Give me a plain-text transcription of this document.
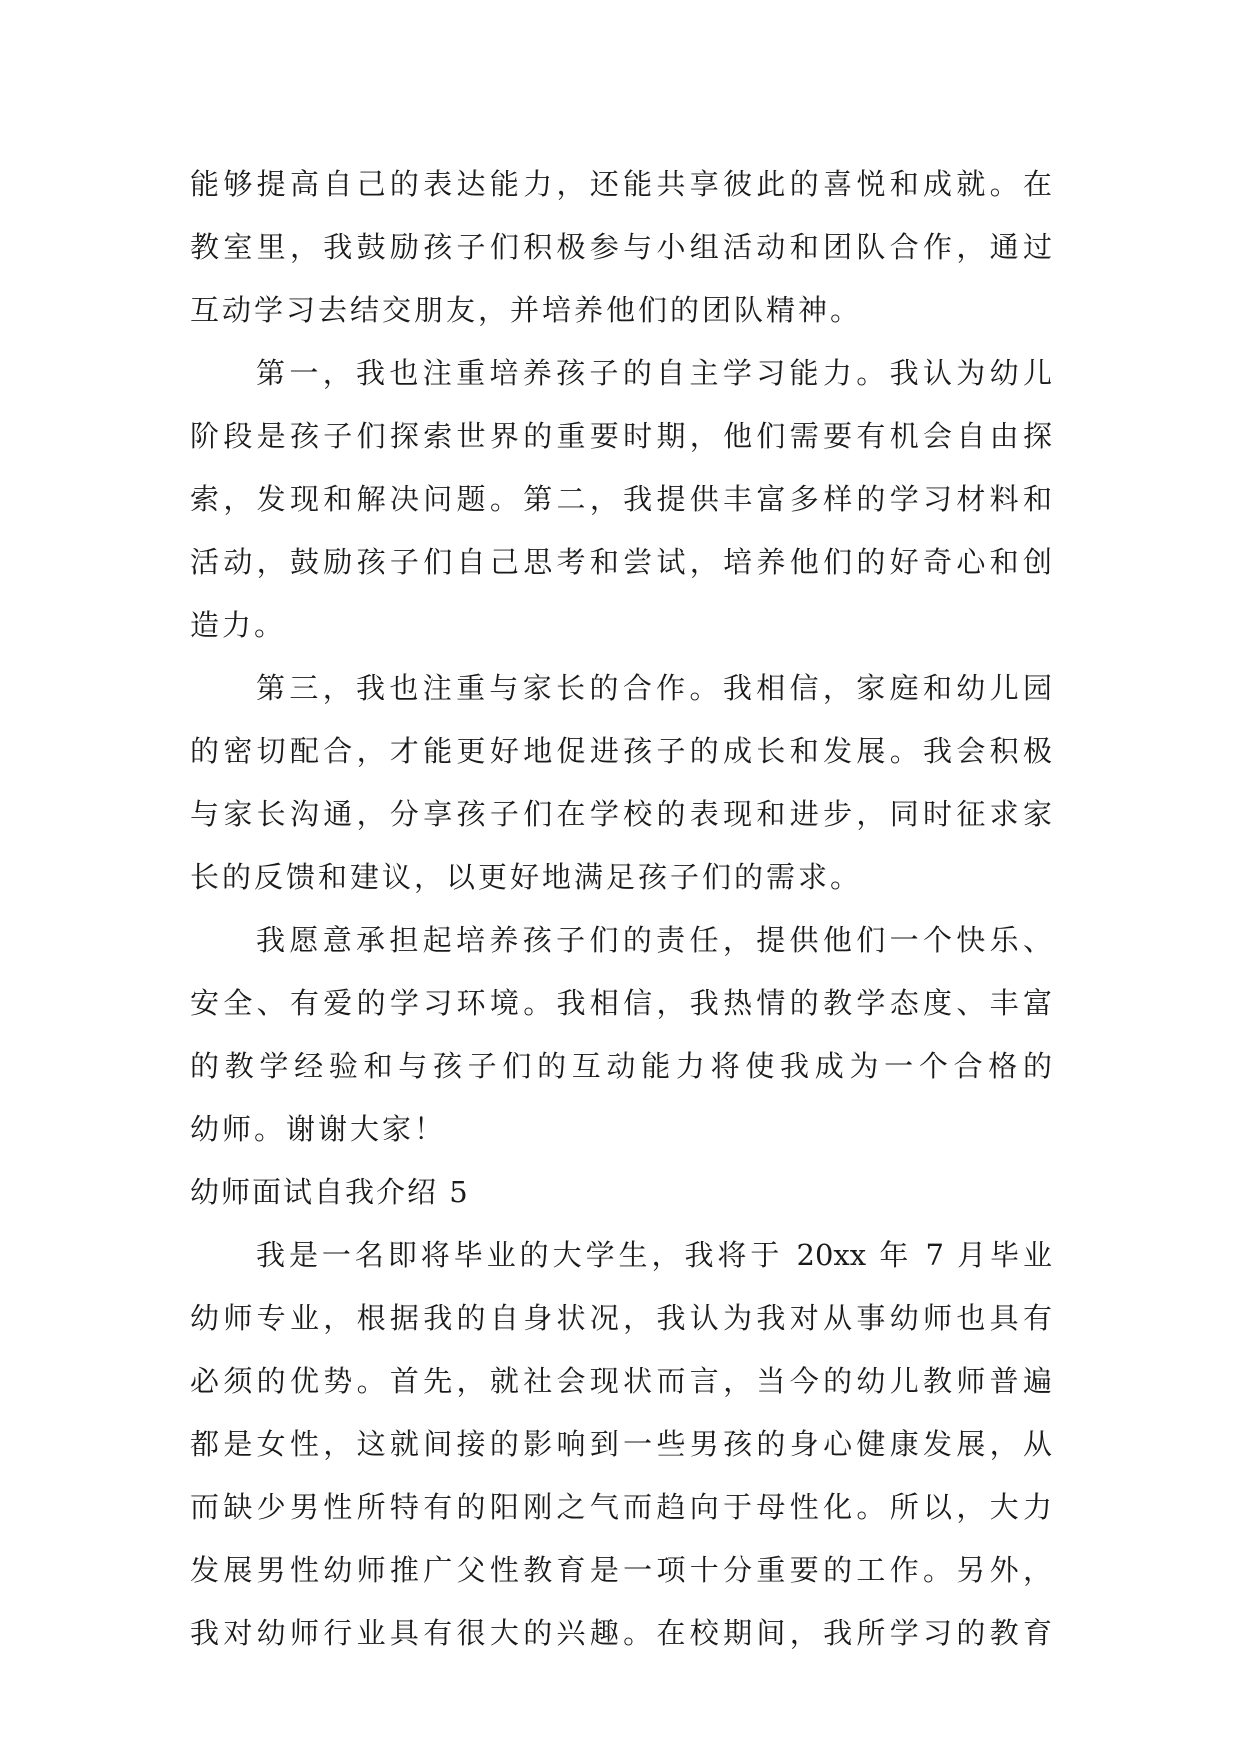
能够提高自己的表达能力，还能共享彼此的喜悦和成就。在
教室里，我鼓励孩子们积极参与小组活动和团队合作，通过
互动学习去结交朋友，并培养他们的团队精神。
第一，我也注重培养孩子的自主学习能力。我认为幼儿
阶段是孩子们探索世界的重要时期，他们需要有机会自由探
索，发现和解决问题。第二，我提供丰富多样的学习材料和
活动，鼓励孩子们自己思考和尝试，培养他们的好奇心和创
造力。
第三，我也注重与家长的合作。我相信，家庭和幼儿园
的密切配合，才能更好地促进孩子的成长和发展。我会积极
与家长沟通，分享孩子们在学校的表现和进步，同时征求家
长的反馈和建议，以更好地满足孩子们的需求。
我愿意承担起培养孩子们的责任，提供他们一个快乐、
安全、有爱的学习环境。我相信，我热情的教学态度、丰富
的教学经验和与孩子们的互动能力将使我成为一个合格的
幼师。谢谢大家！
幼师面试自我介绍 5
我是一名即将毕业的大学生，我将于 20xx 年 7 月毕业
幼师专业，根据我的自身状况，我认为我对从事幼师也具有
必须的优势。首先，就社会现状而言，当今的幼儿教师普遍
都是女性，这就间接的影响到一些男孩的身心健康发展，从
而缺少男性所特有的阳刚之气而趋向于母性化。所以，大力
发展男性幼师推广父性教育是一项十分重要的工作。另外，
我对幼师行业具有很大的兴趣。在校期间，我所学习的教育
